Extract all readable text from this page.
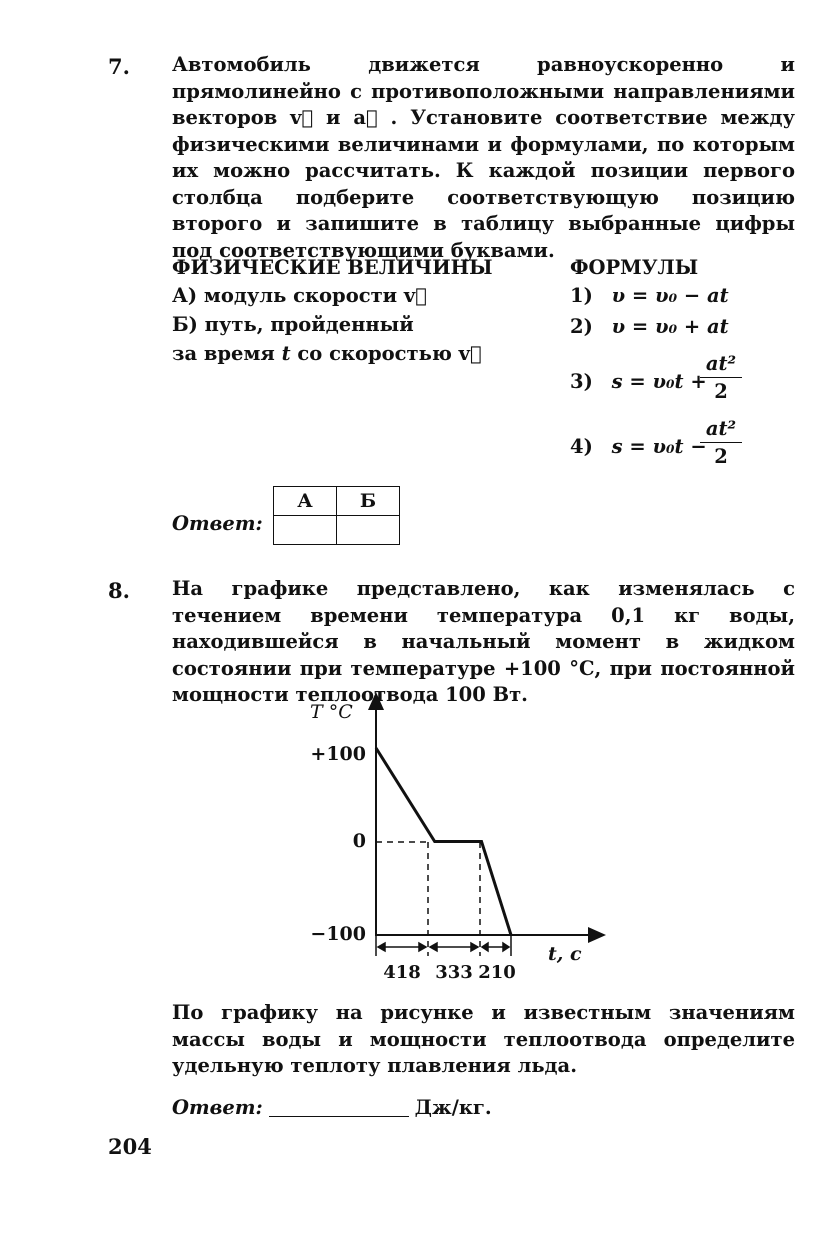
7. Автомобиль движется равноускоренно и прямолинейно с противоположными направлениями векторов v⃗ и a⃗ . Установите соответствие между физическими величинами и формулами, по которым их можно рассчитать. К каждой позиции первого столбца подберите соответствующую позицию второго и запишите в таблицу выбранные цифры под соответствующими буквами.
ФИЗИЧЕСКИЕ ВЕЛИЧИНЫ	ФОРМУЛЫ
А) модуль скорости v⃗
Б) путь, пройденный
за время t со скоростью v⃗
1) υ = υ₀ − at
2) υ = υ₀ + at
3) s = υ₀t +
at²
2
4) s = υ₀t −
at²
2
Ответ:
А	Б

8. На графике представлено, как изменялась с течением времени температура 0,1 кг воды, находившейся в начальный момент в жидком состоянии при температуре +100 °С, при постоянной мощности теплоотвода 100 Вт.
T °C
t, с
+100
0
−100
418 333 210
По графику на рисунке и известным значениям массы воды и мощности теплоотвода определите удельную теплоту плавления льда.
Ответ:	Дж/кг.
204
